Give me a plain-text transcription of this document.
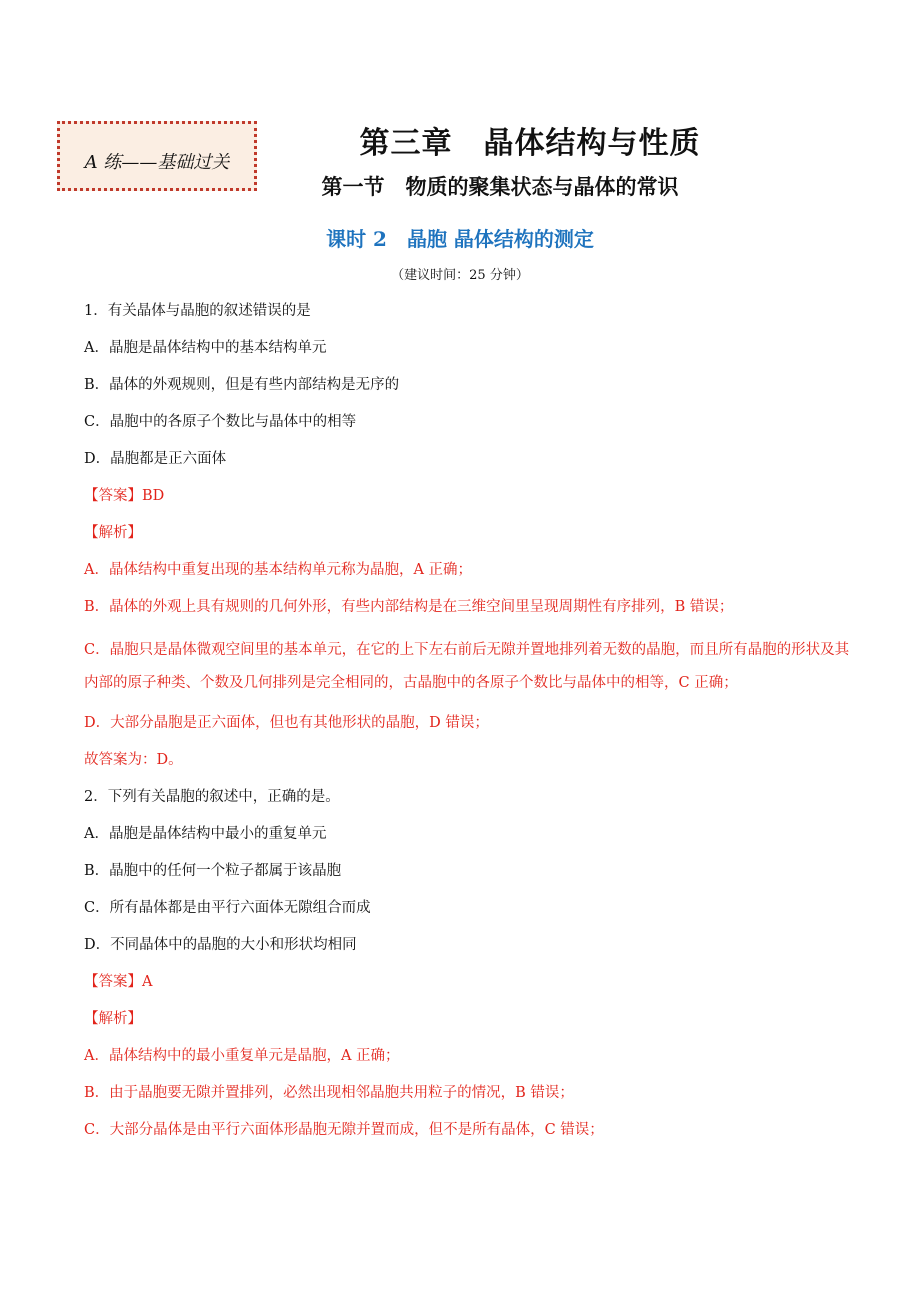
A 练——基础过关
第三章　晶体结构与性质
第一节　物质的聚集状态与晶体的常识
课时 2　晶胞 晶体结构的测定
（建议时间：25 分钟）
1．有关晶体与晶胞的叙述错误的是
A．晶胞是晶体结构中的基本结构单元
B．晶体的外观规则，但是有些内部结构是无序的
C．晶胞中的各原子个数比与晶体中的相等
D．晶胞都是正六面体
【答案】BD
【解析】
A．晶体结构中重复出现的基本结构单元称为晶胞，A 正确；
B．晶体的外观上具有规则的几何外形，有些内部结构是在三维空间里呈现周期性有序排列，B 错误；
C．晶胞只是晶体微观空间里的基本单元，在它的上下左右前后无隙并置地排列着无数的晶胞，而且所有晶胞的形状及其内部的原子种类、个数及几何排列是完全相同的，古晶胞中的各原子个数比与晶体中的相等，C 正确；
D．大部分晶胞是正六面体，但也有其他形状的晶胞，D 错误；
故答案为：D。
2．下列有关晶胞的叙述中，正确的是。
A．晶胞是晶体结构中最小的重复单元
B．晶胞中的任何一个粒子都属于该晶胞
C．所有晶体都是由平行六面体无隙组合而成
D．不同晶体中的晶胞的大小和形状均相同
【答案】A
【解析】
A．晶体结构中的最小重复单元是晶胞，A 正确；
B．由于晶胞要无隙并置排列，必然出现相邻晶胞共用粒子的情况，B 错误；
C．大部分晶体是由平行六面体形晶胞无隙并置而成，但不是所有晶体，C 错误；
